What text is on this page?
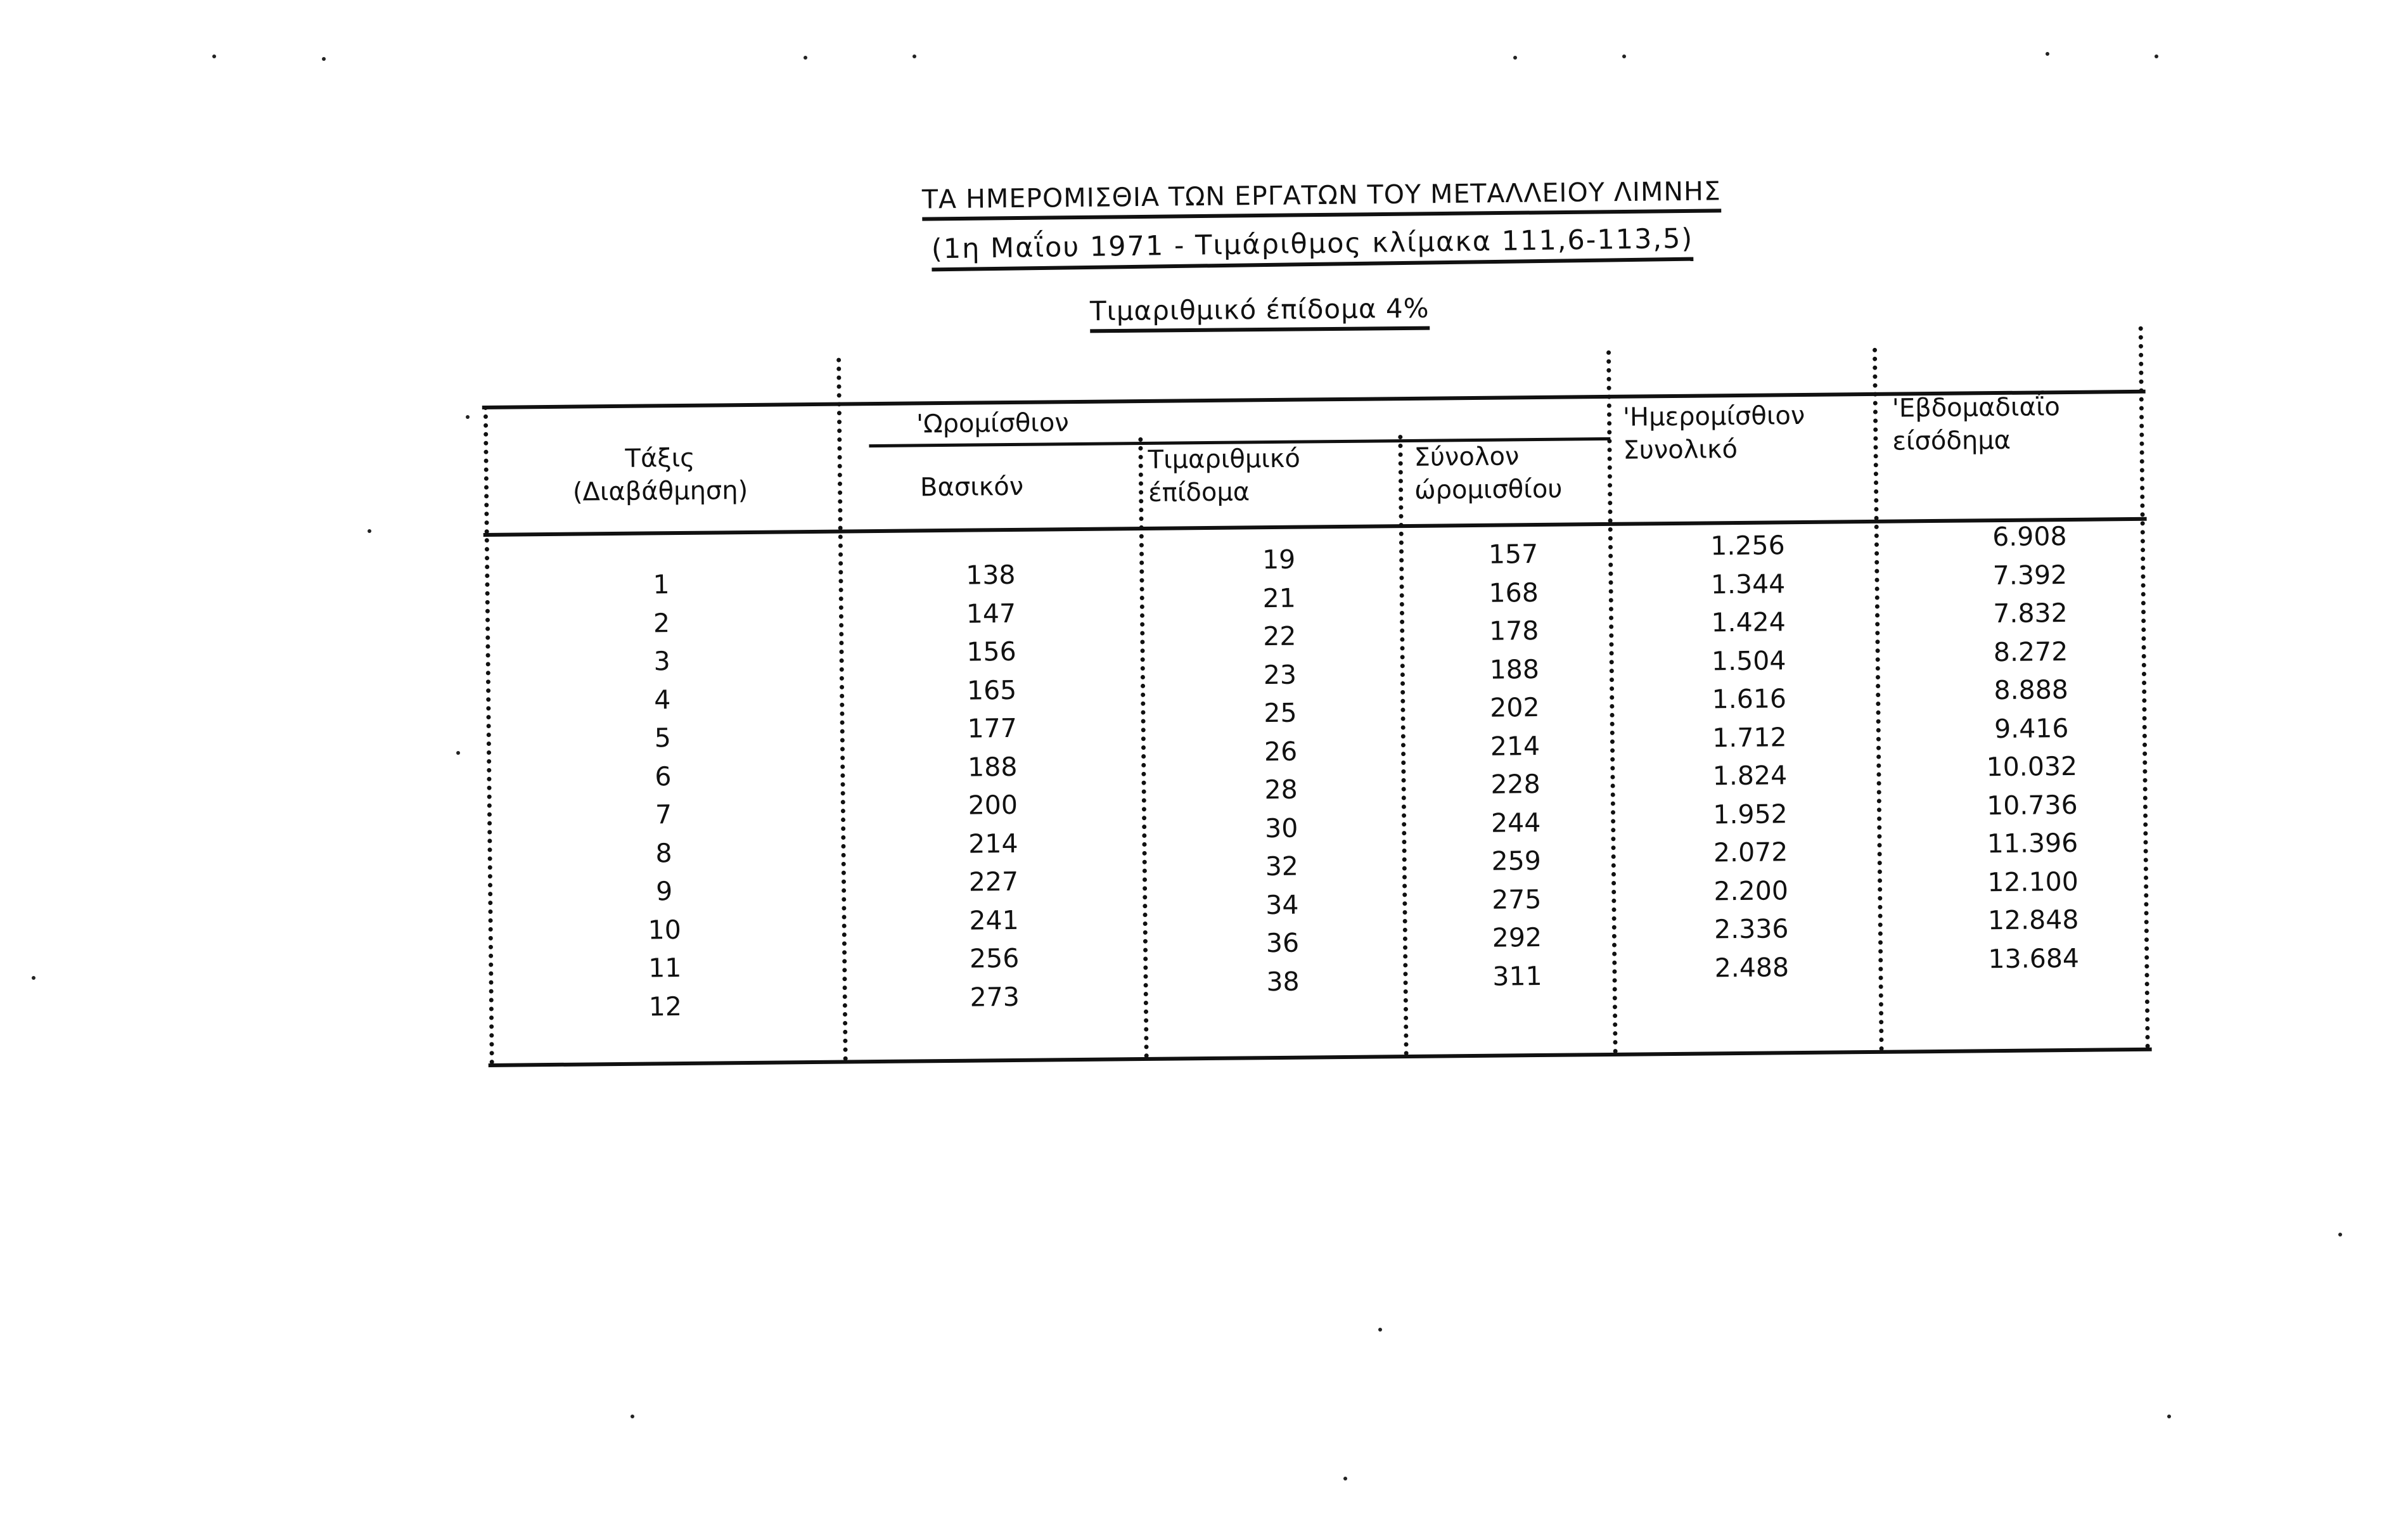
ΤΑ ΗΜΕΡΟΜΙΣΘΙΑ ΤΩΝ ΕΡΓΑΤΩΝ ΤΟΥ ΜΕΤΑΛΛΕΙΟΥ ΛΙΜΝΗΣ
(1η Μαΐου 1971 - Τιμάριθμος κλίμακα 111,6-113,5)
Τιμαριθμικό έπίδομα 4%
Τάξις
(Διαβάθμηση)
'Ωρομίσθιον
Βασικόν
Τιμαριθμικό
έπίδομα
Σύνολον
ώρομισθίου
'Ημερομίσθιον
Συνολικό
'Εβδομαδιαΐο
είσόδημα
1
2
3
4
5
6
7
8
9
10
11
12
138
147
156
165
177
188
200
214
227
241
256
273
19
21
22
23
25
26
28
30
32
34
36
38
157
168
178
188
202
214
228
244
259
275
292
311
1.256
1.344
1.424
1.504
1.616
1.712
1.824
1.952
2.072
2.200
2.336
2.488
6.908
7.392
7.832
8.272
8.888
9.416
10.032
10.736
11.396
12.100
12.848
13.684
